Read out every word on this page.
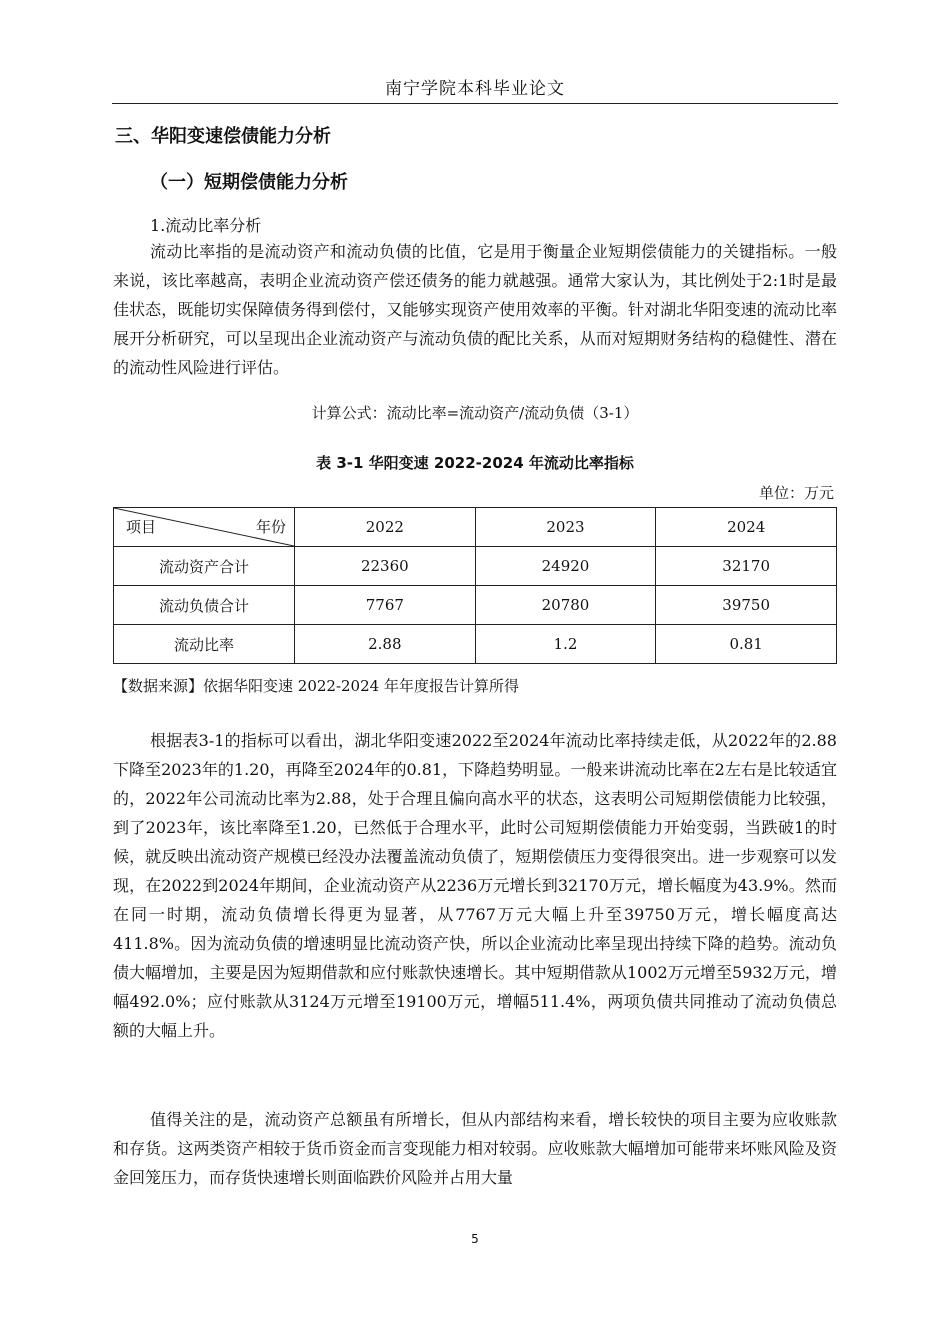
南宁学院本科毕业论文
三、华阳变速偿债能力分析
（一）短期偿债能力分析
1.流动比率分析

流动比率指的是流动资产和流动负债的比值，它是用于衡量企业短期偿债能力的关键指标。一般来说，该比率越高，表明企业流动资产偿还债务的能力就越强。通常大家认为，其比例处于2:1时是最佳状态，既能切实保障债务得到偿付，又能够实现资产使用效率的平衡。针对湖北华阳变速的流动比率展开分析研究，可以呈现出企业流动资产与流动负债的配比关系，从而对短期财务结构的稳健性、潜在的流动性风险进行评估。

计算公式：流动比率=流动资产/流动负债（3-1）
表 3-1 华阳变速 2022-2024 年流动比率指标
单位：万元
项目 年份	2022	2023	2024
流动资产合计	22360	24920	32170
流动负债合计	7767	20780	39750
流动比率	2.88	1.2	0.81
【数据来源】依据华阳变速 2022-2024 年年度报告计算所得

根据表3-1的指标可以看出，湖北华阳变速2022至2024年流动比率持续走低，从2022年的2.88下降至2023年的1.20，再降至2024年的0.81，下降趋势明显。一般来讲流动比率在2左右是比较适宜的，2022年公司流动比率为2.88，处于合理且偏向高水平的状态，这表明公司短期偿债能力比较强，到了2023年，该比率降至1.20，已然低于合理水平，此时公司短期偿债能力开始变弱，当跌破1的时候，就反映出流动资产规模已经没办法覆盖流动负债了，短期偿债压力变得很突出。进一步观察可以发现，在2022到2024年期间，企业流动资产从2236万元增长到32170万元，增长幅度为43.9%。然而在同一时期，流动负债增长得更为显著，从7767万元大幅上升至39750万元，增长幅度高达411.8%。因为流动负债的增速明显比流动资产快，所以企业流动比率呈现出持续下降的趋势。流动负债大幅增加，主要是因为短期借款和应付账款快速增长。其中短期借款从1002万元增至5932万元，增幅492.0%；应付账款从3124万元增至19100万元，增幅511.4%，两项负债共同推动了流动负债总额的大幅上升。

值得关注的是，流动资产总额虽有所增长，但从内部结构来看，增长较快的项目主要为应收账款和存货。这两类资产相较于货币资金而言变现能力相对较弱。应收账款大幅增加可能带来坏账风险及资金回笼压力，而存货快速增长则面临跌价风险并占用大量

5
